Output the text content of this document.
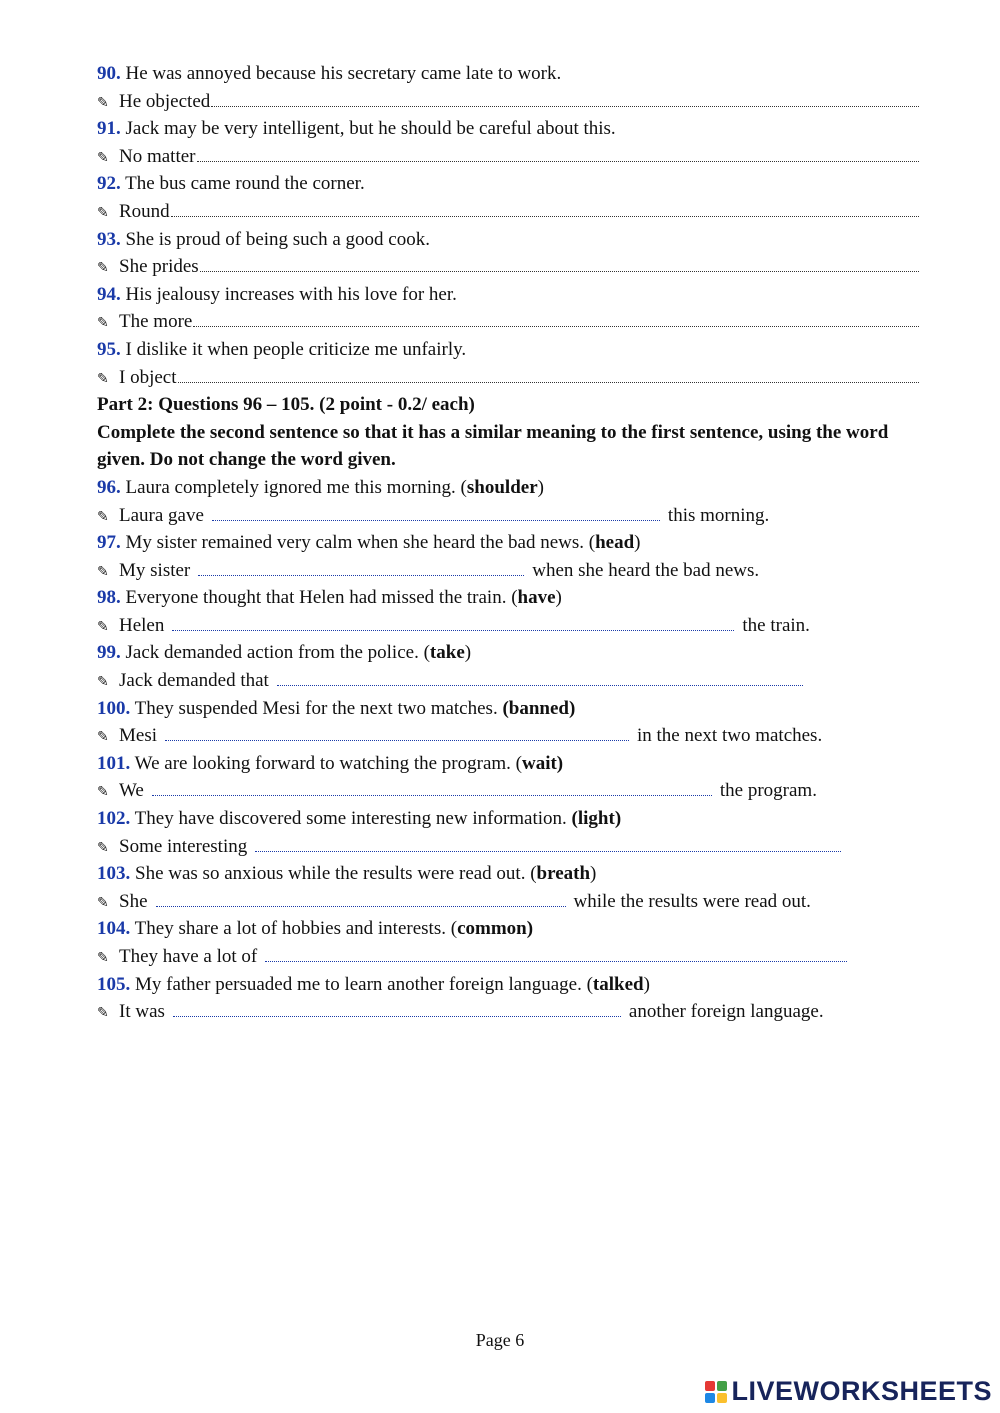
90. He was annoyed because his secretary came late to work.
✎ He objected
91. Jack may be very intelligent, but he should be careful about this.
✎ No matter
92. The bus came round the corner.
✎ Round
93. She is proud of being such a good cook.
✎ She prides
94. His jealousy increases with his love for her.
✎ The more
95. I dislike it when people criticize me unfairly.
✎ I object
Part 2: Questions 96 – 105. (2 point - 0.2/ each)
Complete the second sentence so that it has a similar meaning to the first sentence, using the word given. Do not change the word given.
96. Laura completely ignored me this morning. (shoulder)
✎ Laura gave	this morning.
97. My sister remained very calm when she heard the bad news. (head)
✎ My sister	when she heard the bad news.
98. Everyone thought that Helen had missed the train. (have)
✎ Helen	the train.
99. Jack demanded action from the police. (take)
✎ Jack demanded that
100. They suspended Mesi for the next two matches. (banned)
✎ Mesi	in the next two matches.
101. We are looking forward to watching the program. (wait)
✎ We	the program.
102. They have discovered some interesting new information. (light)
✎ Some interesting
103. She was so anxious while the results were read out. (breath)
✎ She	while the results were read out.
104. They share a lot of hobbies and interests. (common)
✎ They have a lot of
105. My father persuaded me to learn another foreign language. (talked)
✎ It was	another foreign language.
Page 6
LIVEWORKSHEETS
